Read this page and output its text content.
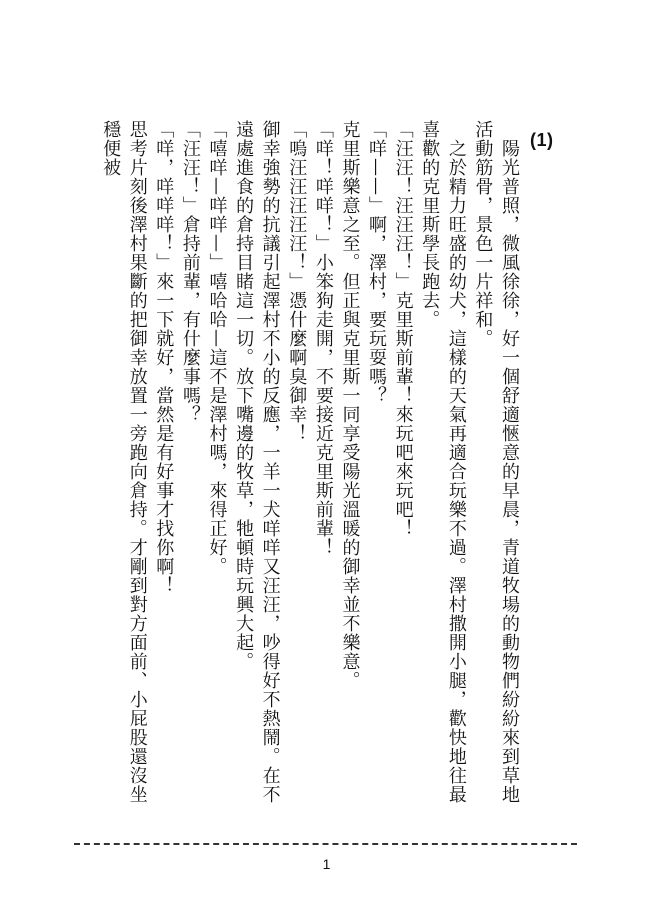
(1)

　陽光普照，微風徐徐，好一個舒適愜意的早晨，青道牧場的動物們紛紛來到草地活動筋骨，景色一片祥和。

　之於精力旺盛的幼犬，這樣的天氣再適合玩樂不過。澤村撒開小腿，歡快地往最喜歡的克里斯學長跑去。

「汪汪！汪汪汪！」克里斯前輩！來玩吧來玩吧！

「咩——」啊，澤村，要玩耍嗎？

克里斯樂意之至。但正與克里斯一同享受陽光溫暖的御幸並不樂意。

「咩！咩咩！」小笨狗走開，不要接近克里斯前輩！

「嗚汪汪汪汪汪！」憑什麼啊臭御幸！

御幸強勢的抗議引起澤村不小的反應，一羊一犬咩咩又汪汪，吵得好不熱鬧。在不遠處進食的倉持目睹這一切。放下嘴邊的牧草，牠頓時玩興大起。

「嘻咩—咩咩—」嘻哈哈—這不是澤村嗎，來得正好。

「汪汪！」倉持前輩，有什麼事嗎？

「咩，咩咩咩！」來一下就好，當然是有好事才找你啊！

思考片刻後澤村果斷的把御幸放置一旁跑向倉持。才剛到對方面前、小屁股還沒坐穩便被

1
